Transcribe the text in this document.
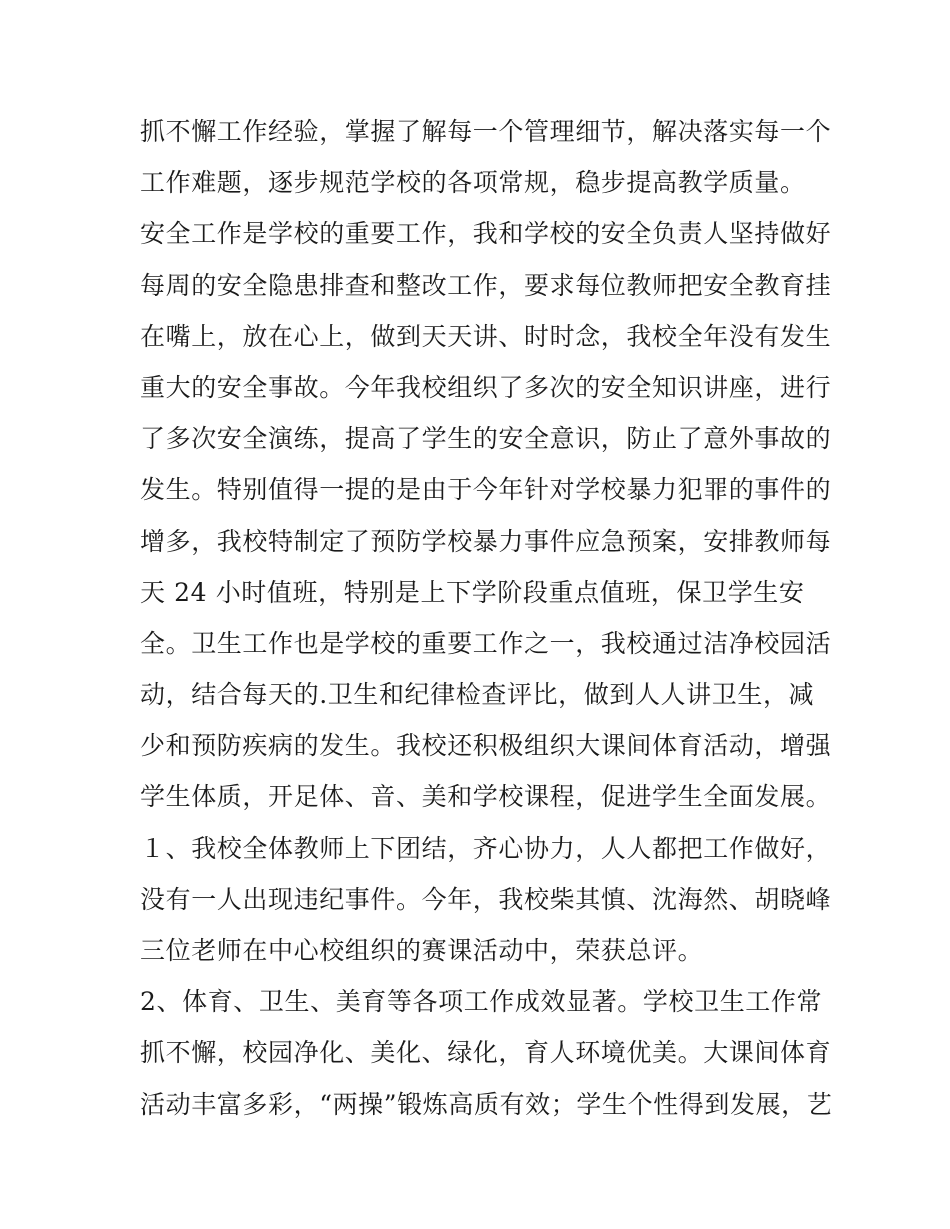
抓不懈工作经验，掌握了解每一个管理细节，解决落实每一个
工作难题，逐步规范学校的各项常规，稳步提高教学质量。
安全工作是学校的重要工作，我和学校的安全负责人坚持做好
每周的安全隐患排查和整改工作，要求每位教师把安全教育挂
在嘴上，放在心上，做到天天讲、时时念，我校全年没有发生
重大的安全事故。今年我校组织了多次的安全知识讲座，进行
了多次安全演练，提高了学生的安全意识，防止了意外事故的
发生。特别值得一提的是由于今年针对学校暴力犯罪的事件的
增多，我校特制定了预防学校暴力事件应急预案，安排教师每
天 24 小时值班，特别是上下学阶段重点值班，保卫学生安
全。卫生工作也是学校的重要工作之一，我校通过洁净校园活
动，结合每天的.卫生和纪律检查评比，做到人人讲卫生，减
少和预防疾病的发生。我校还积极组织大课间体育活动，增强
学生体质，开足体、音、美和学校课程，促进学生全面发展。
１、我校全体教师上下团结，齐心协力，人人都把工作做好，
没有一人出现违纪事件。今年，我校柴其慎、沈海然、胡晓峰
三位老师在中心校组织的赛课活动中，荣获总评。
2、体育、卫生、美育等各项工作成效显著。学校卫生工作常
抓不懈，校园净化、美化、绿化，育人环境优美。大课间体育
活动丰富多彩，“两操”锻炼高质有效；学生个性得到发展，艺
